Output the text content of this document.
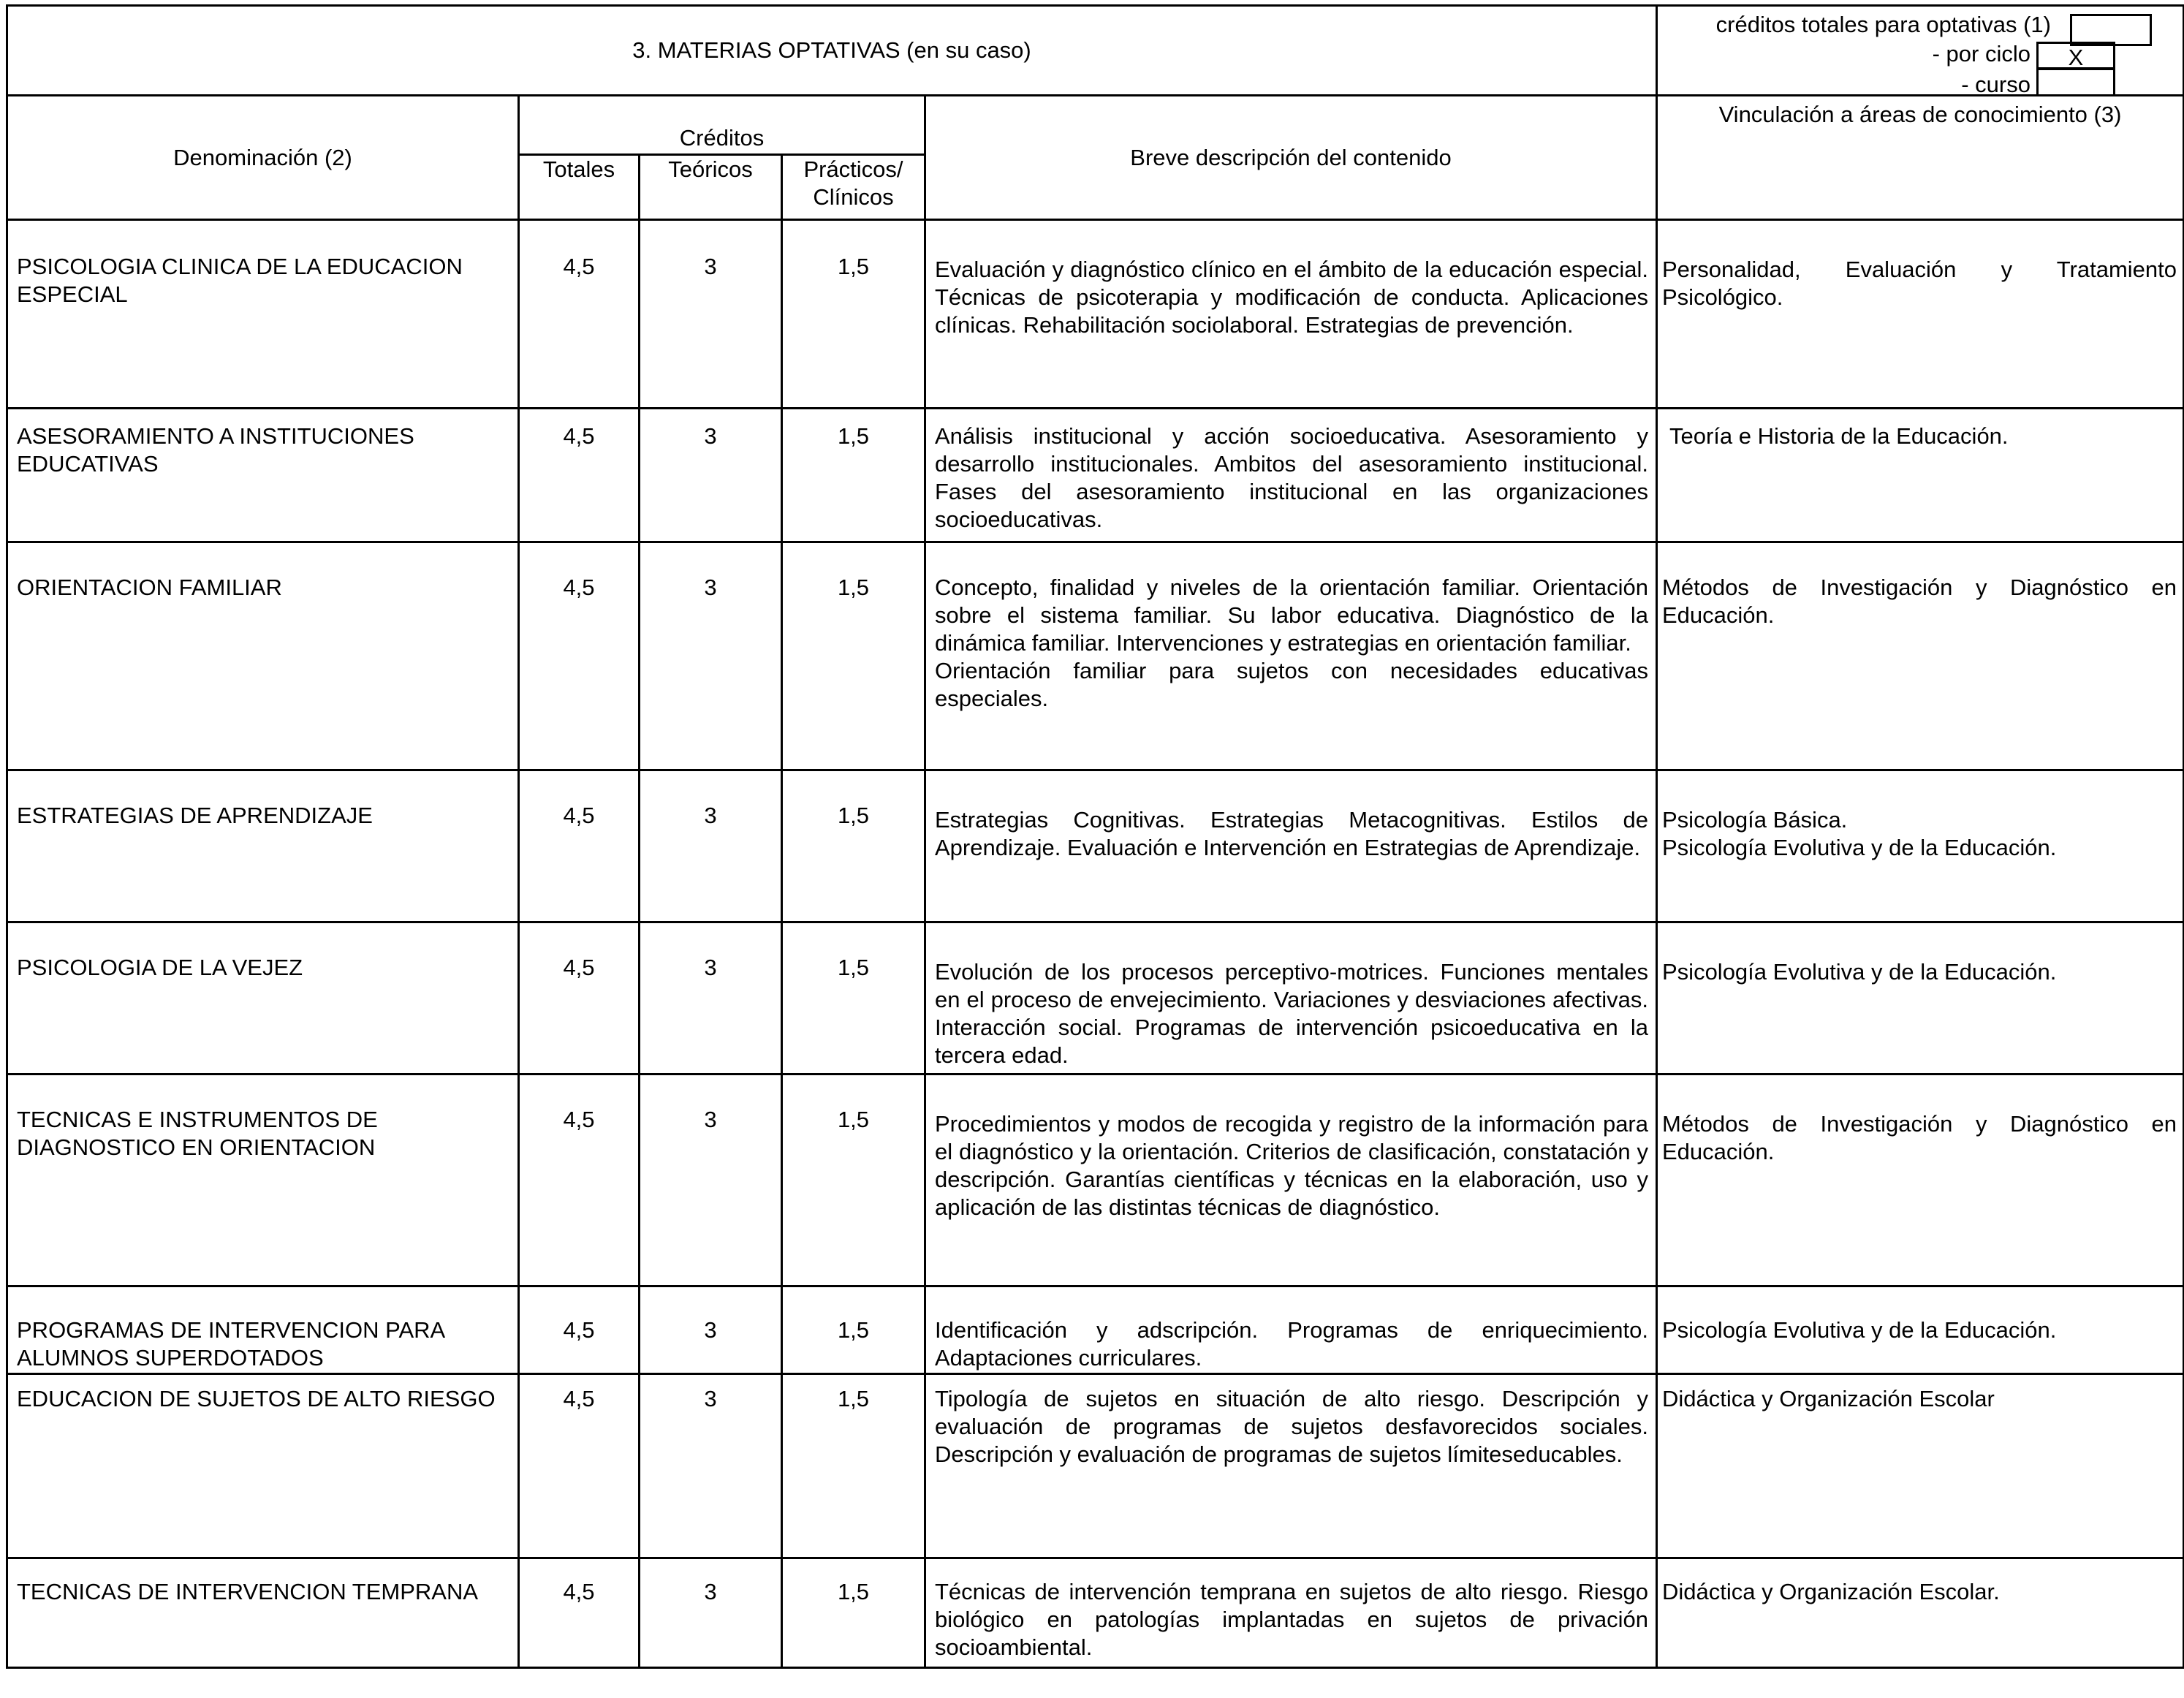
3. MATERIAS OPTATIVAS (en su caso)					créditos totales para optativas (1)
- por ciclo X
- curso

Denominación (2)	Créditos			Breve descripción del contenido	Vinculación a áreas de conocimiento (3)
	Totales	Teóricos	Prácticos/
Clínicos		

PSICOLOGIA CLINICA DE LA EDUCACION ESPECIAL	4,5	3	1,5	Evaluación y diagnóstico clínico en el ámbito de la educación especial. Técnicas de psicoterapia y modificación de conducta. Aplicaciones clínicas. Rehabilitación sociolaboral. Estrategias de prevención.	Personalidad, Evaluación y Tratamiento Psicológico.
ASESORAMIENTO A INSTITUCIONES EDUCATIVAS	4,5	3	1,5	Análisis institucional y acción socioeducativa. Asesoramiento y desarrollo institucionales. Ambitos del asesoramiento institucional. Fases del asesoramiento institucional en las organizaciones socioeducativas.	Teoría e Historia de la Educación.
ORIENTACION FAMILIAR	4,5	3	1,5	Concepto, finalidad y niveles de la orientación familiar. Orientación sobre el sistema familiar. Su labor educativa. Diagnóstico de la dinámica familiar. Intervenciones y estrategias en orientación familiar.
Orientación familiar para sujetos con necesidades educativas especiales.	Métodos de Investigación y Diagnóstico en Educación.
ESTRATEGIAS DE APRENDIZAJE	4,5	3	1,5	Estrategias Cognitivas. Estrategias Metacognitivas. Estilos de Aprendizaje. Evaluación e Intervención en Estrategias de Aprendizaje.	Psicología Básica.
Psicología Evolutiva y de la Educación.

PSICOLOGIA DE LA VEJEZ	4,5	3	1,5	Evolución de los procesos perceptivo-motrices. Funciones mentales en el proceso de envejecimiento. Variaciones y desviaciones afectivas. Interacción social. Programas de intervención psicoeducativa en la tercera edad.	Psicología Evolutiva y de la Educación.
TECNICAS E INSTRUMENTOS DE DIAGNOSTICO EN ORIENTACION	4,5	3	1,5	Procedimientos y modos de recogida y registro de la información para el diagnóstico y la orientación. Criterios de clasificación, constatación y descripción. Garantías científicas y técnicas en la elaboración, uso y aplicación de las distintas técnicas de diagnóstico.	Métodos de Investigación y Diagnóstico en Educación.
PROGRAMAS DE INTERVENCION PARA ALUMNOS SUPERDOTADOS	4,5	3	1,5	Identificación y adscripción. Programas de enriquecimiento. Adaptaciones curriculares.	Psicología Evolutiva y de la Educación.
EDUCACION DE SUJETOS DE ALTO RIESGO	4,5	3	1,5	Tipología de sujetos en situación de alto riesgo. Descripción y evaluación de programas de sujetos desfavorecidos sociales. Descripción y evaluación de programas de sujetos límiteseducables.	Didáctica y Organización Escolar
TECNICAS DE INTERVENCION TEMPRANA	4,5	3	1,5	Técnicas de intervención temprana en sujetos de alto riesgo. Riesgo biológico en patologías implantadas en sujetos de privación socioambiental.	Didáctica y Organización Escolar.
